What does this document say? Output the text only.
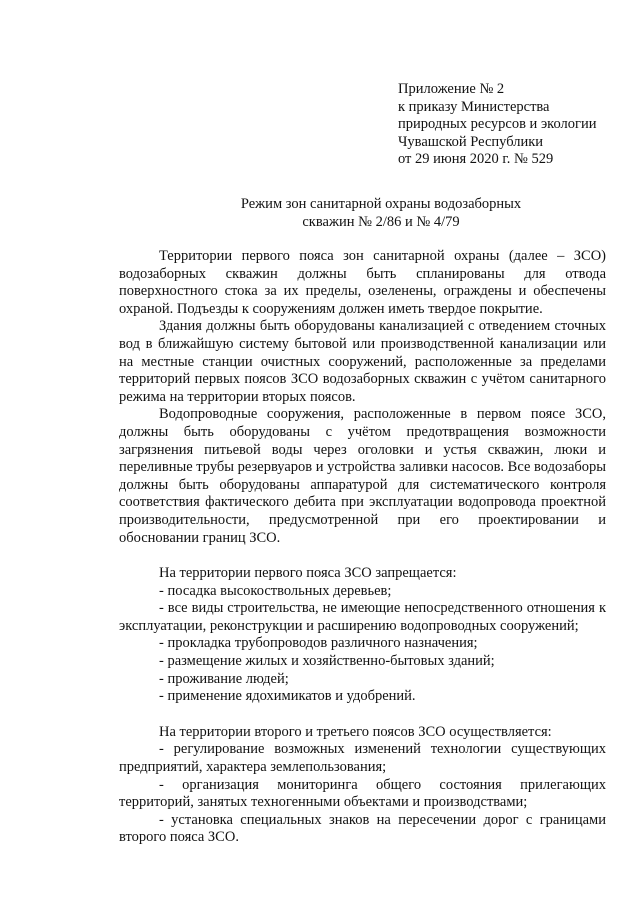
Приложение № 2
к приказу Министерства
природных ресурсов и экологии
Чувашской Республики
от 29 июня 2020 г. № 529
Режим зон санитарной охраны водозаборных
скважин № 2/86 и № 4/79

Территории первого пояса зон санитарной охраны (далее – ЗСО) водозаборных скважин должны быть спланированы для отвода поверхностного стока за их пределы, озеленены, ограждены и обеспечены охраной. Подъезды к сооружениям должен иметь твердое покрытие.

Здания должны быть оборудованы канализацией с отведением сточных вод в ближайшую систему бытовой или производственной канализации или на местные станции очистных сооружений, расположенные за пределами территорий первых поясов ЗСО водозаборных скважин с учётом санитарного режима на территории вторых поясов.

Водопроводные сооружения, расположенные в первом поясе ЗСО, должны быть оборудованы с учётом предотвращения возможности загрязнения питьевой воды через оголовки и устья скважин, люки и переливные трубы резервуаров и устройства заливки насосов. Все водозаборы должны быть оборудованы аппаратурой для систематического контроля соответствия фактического дебита при эксплуатации водопровода проектной производительности, предусмотренной при его проектировании и обосновании границ ЗСО.

На территории первого пояса ЗСО запрещается:

- посадка высокоствольных деревьев;

- все виды строительства, не имеющие непосредственного отношения к эксплуатации, реконструкции и расширению водопроводных сооружений;

- прокладка трубопроводов различного назначения;

- размещение жилых и хозяйственно-бытовых зданий;

- проживание людей;

- применение ядохимикатов и удобрений.

На территории второго и третьего поясов ЗСО осуществляется:

- регулирование возможных изменений технологии существующих предприятий, характера землепользования;

- организация мониторинга общего состояния прилегающих территорий, занятых техногенными объектами и производствами;

- установка специальных знаков на пересечении дорог с границами второго пояса ЗСО.
